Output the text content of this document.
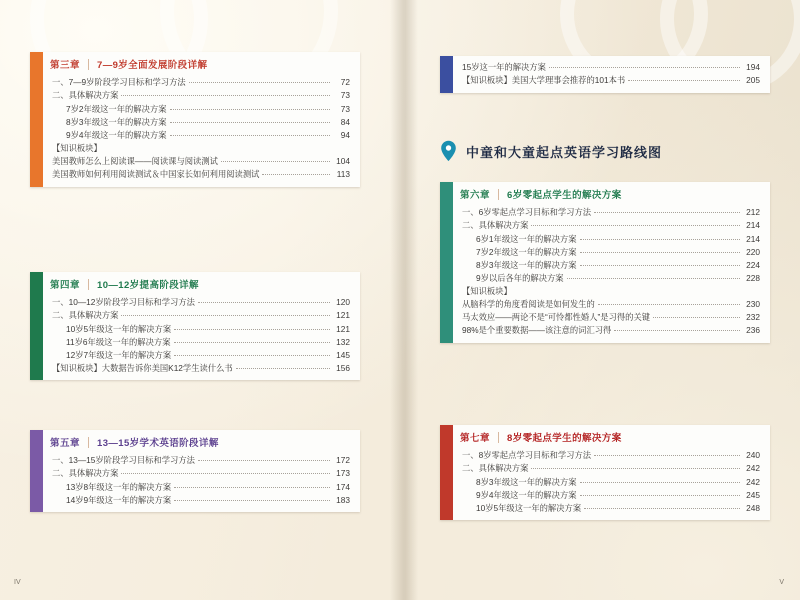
第三章 7—9岁全面发展阶段详解
一、7—9岁阶段学习目标和学习方法	72
二、具体解决方案	73
7岁2年级这一年的解决方案	73
8岁3年级这一年的解决方案	84
9岁4年级这一年的解决方案	94
【知识板块】
美国教师怎么上阅读课——阅读课与阅读测试	104
美国教师如何利用阅读测试＆中国家长如何利用阅读测试	113
第四章 10—12岁提高阶段详解
一、10—12岁阶段学习目标和学习方法	120
二、具体解决方案	121
10岁5年级这一年的解决方案	121
11岁6年级这一年的解决方案	132
12岁7年级这一年的解决方案	145
【知识板块】大数据告诉你美国K12学生读什么书	156
第五章 13—15岁学术英语阶段详解
一、13—15岁阶段学习目标和学习方法	172
二、具体解决方案	173
13岁8年级这一年的解决方案	174
14岁9年级这一年的解决方案	183
IV
15岁这一年的解决方案	194
【知识板块】美国大学理事会推荐的101本书	205
中童和大童起点英语学习路线图
第六章 6岁零起点学生的解决方案
一、6岁零起点学习目标和学习方法	212
二、具体解决方案	214
6岁1年级这一年的解决方案	214
7岁2年级这一年的解决方案	220
8岁3年级这一年的解决方案	224
9岁以后各年的解决方案	228
【知识板块】
从脑科学的角度看阅读是如何发生的	230
马太效应——两论不是“可怜都性婚人”是习得的关键	232
98%是个重要数据——该注意的词汇习得	236
第七章 8岁零起点学生的解决方案
一、8岁零起点学习目标和学习方法	240
二、具体解决方案	242
8岁3年级这一年的解决方案	242
9岁4年级这一年的解决方案	245
10岁5年级这一年的解决方案	248
V
